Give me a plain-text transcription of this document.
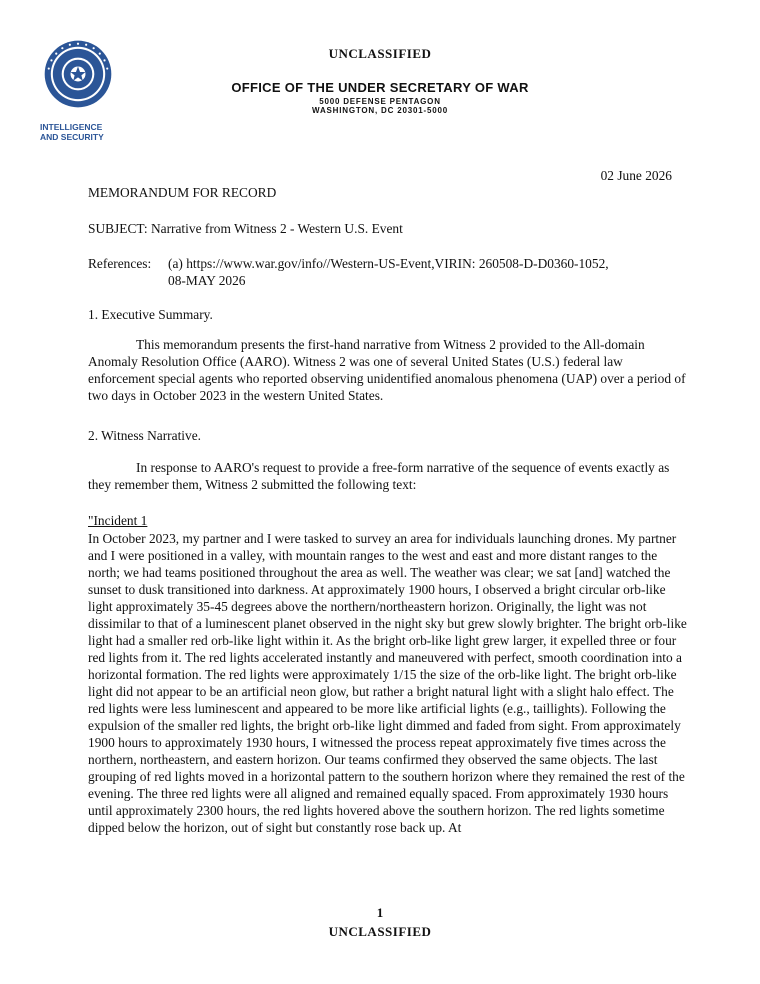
INTELLIGENCE
AND SECURITY
UNCLASSIFIED
OFFICE OF THE UNDER SECRETARY OF WAR
5000 DEFENSE PENTAGON
WASHINGTON, DC 20301-5000
02 June 2026
MEMORANDUM FOR RECORD
SUBJECT: Narrative from Witness 2 - Western U.S. Event
References: (a) https://www.war.gov/info//Western-US-Event,VIRIN: 260508-D-D0360-1052,
08-MAY 2026
1. Executive Summary.
This memorandum presents the first-hand narrative from Witness 2 provided to the All-domain Anomaly Resolution Office (AARO). Witness 2 was one of several United States (U.S.) federal law enforcement special agents who reported observing unidentified anomalous phenomena (UAP) over a period of two days in October 2023 in the western United States.
2. Witness Narrative.
In response to AARO's request to provide a free-form narrative of the sequence of events exactly as they remember them, Witness 2 submitted the following text:
"Incident 1
In October 2023, my partner and I were tasked to survey an area for individuals launching drones. My partner and I were positioned in a valley, with mountain ranges to the west and east and more distant ranges to the north; we had teams positioned throughout the area as well. The weather was clear; we sat [and] watched the sunset to dusk transitioned into darkness. At approximately 1900 hours, I observed a bright circular orb-like light approximately 35-45 degrees above the northern/northeastern horizon. Originally, the light was not dissimilar to that of a luminescent planet observed in the night sky but grew slowly brighter. The bright orb-like light had a smaller red orb-like light within it. As the bright orb-like light grew larger, it expelled three or four red lights from it. The red lights accelerated instantly and maneuvered with perfect, smooth coordination into a horizontal formation. The red lights were approximately 1/15 the size of the orb-like light. The bright orb-like light did not appear to be an artificial neon glow, but rather a bright natural light with a slight halo effect. The red lights were less luminescent and appeared to be more like artificial lights (e.g., taillights). Following the expulsion of the smaller red lights, the bright orb-like light dimmed and faded from sight. From approximately 1900 hours to approximately 1930 hours, I witnessed the process repeat approximately five times across the northern, northeastern, and eastern horizon. Our teams confirmed they observed the same objects. The last grouping of red lights moved in a horizontal pattern to the southern horizon where they remained the rest of the evening. The three red lights were all aligned and remained equally spaced. From approximately 1930 hours until approximately 2300 hours, the red lights hovered above the southern horizon. The red lights sometime dipped below the horizon, out of sight but constantly rose back up. At
1
UNCLASSIFIED
